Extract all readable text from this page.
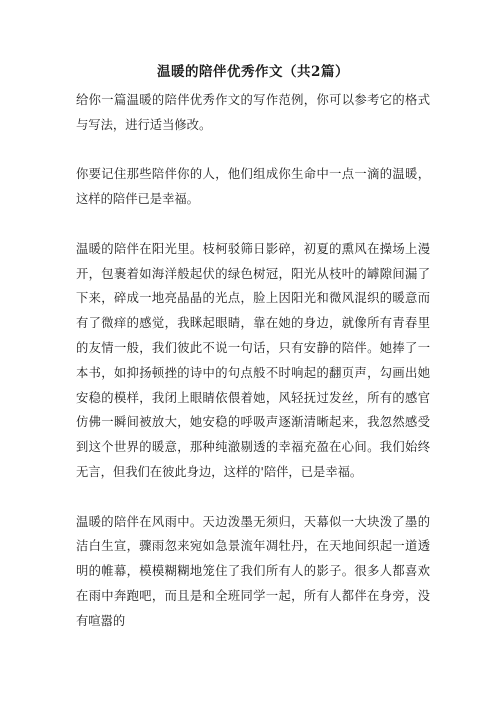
温暖的陪伴优秀作文（共2篇）

给你一篇温暖的陪伴优秀作文的写作范例，你可以参考它的格式与写法，进行适当修改。

你要记住那些陪伴你的人，他们组成你生命中一点一滴的温暖，这样的陪伴已是幸福。

温暖的陪伴在阳光里。枝柯驳筛日影碎，初夏的熏风在操场上漫开，包裹着如海洋般起伏的绿色树冠，阳光从枝叶的罅隙间漏了下来，碎成一地亮晶晶的光点，脸上因阳光和微风混织的暖意而有了微痒的感觉，我眯起眼睛，靠在她的身边，就像所有青春里的友情一般，我们彼此不说一句话，只有安静的陪伴。她捧了一本书，如抑扬顿挫的诗中的句点般不时响起的翻页声，勾画出她安稳的模样，我闭上眼睛依偎着她，风轻抚过发丝，所有的感官仿佛一瞬间被放大，她安稳的呼吸声逐渐清晰起来，我忽然感受到这个世界的暖意，那种纯澈剔透的幸福充盈在心间。我们始终无言，但我们在彼此身边，这样的'陪伴，已是幸福。

温暖的陪伴在风雨中。天边泼墨无须归，天幕似一大块泼了墨的洁白生宣，骤雨忽来宛如急景流年凋牡丹，在天地间织起一道透明的帷幕，模模糊糊地笼住了我们所有人的影子。很多人都喜欢在雨中奔跑吧，而且是和全班同学一起，所有人都伴在身旁，没有喧嚣的
